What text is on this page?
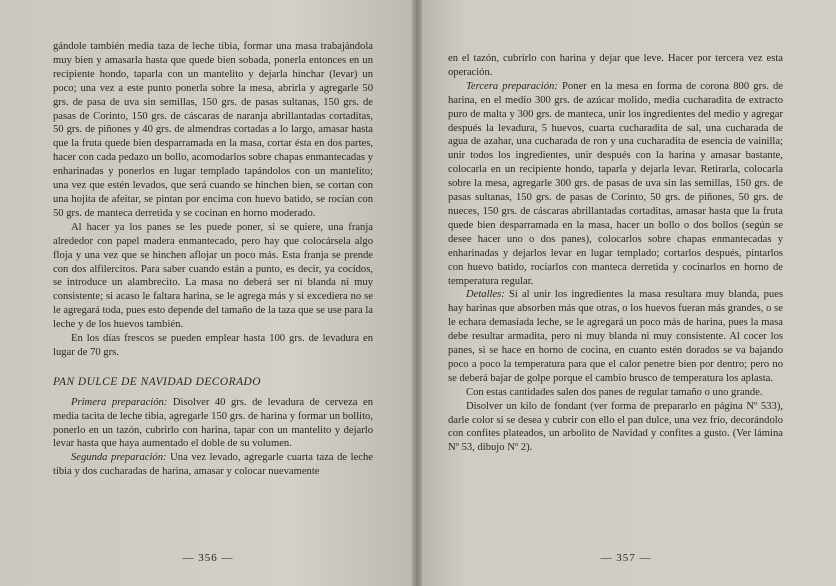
gándole también media taza de leche tibia, formar una masa trabajándola muy bien y amasarla hasta que quede bien sobada, ponerla entonces en un recipiente hondo, taparla con un mantelito y dejarla hinchar (levar) un poco; una vez a este punto ponerla sobre la mesa, abrirla y agregarle 50 grs. de pasa de uva sin semillas, 150 grs. de pasas sultanas, 150 grs. de pasas de Corinto, 150 grs. de cáscaras de naranja abrillantadas cortaditas, 50 grs. de piñones y 40 grs. de almendras cortadas a lo largo, amasar hasta que la fruta quede bien desparramada en la masa, cortar ésta en dos partes, hacer con cada pedazo un bollo, acomodarlos sobre chapas enmantecadas y enharinadas y ponerlos en lugar templado tapándolos con un mantelito; una vez que estén levados, que será cuando se hinchen bien, se cortan con una hojita de afeitar, se pintan por encima con huevo batido, se rocían con 50 grs. de manteca derretida y se cocinan en horno moderado.

Al hacer ya los panes se les puede poner, si se quiere, una franja alrededor con papel madera enmantecado, pero hay que colocársela algo floja y una vez que se hinchen aflojar un poco más. Esta franja se prende con dos alfilercitos. Para saber cuando están a punto, es decir, ya cocidos, se introduce un alambrecito. La masa no deberá ser ni blanda ni muy consistente; si acaso le faltara harina, se le agrega más y si excediera no se le agregará toda, pues esto depende del tamaño de la taza que se use para la leche y de los huevos también.

En los días frescos se pueden emplear hasta 100 grs. de levadura en lugar de 70 grs.

PAN DULCE DE NAVIDAD DECORADO

Primera preparación: Disolver 40 grs. de levadura de cerveza en media tacita de leche tibia, agregarle 150 grs. de harina y formar un bollito, ponerlo en un tazón, cubrirlo con harina, tapar con un mantelito y dejarlo levar hasta que haya aumentado el doble de su volumen.

Segunda preparación: Una vez levado, agregarle cuarta taza de leche tibia y dos cucharadas de harina, amasar y colocar nuevamente

— 356 —

en el tazón, cubrirlo con harina y dejar que leve. Hacer por tercera vez esta operación.

Tercera preparación: Poner en la mesa en forma de corona 800 grs. de harina, en el medio 300 grs. de azúcar molido, media cucharadita de extracto puro de malta y 300 grs. de manteca, unir los ingredientes del medio y agregar después la levadura, 5 huevos, cuarta cucharadita de sal, una cucharada de agua de azahar, una cucharada de ron y una cucharadita de esencia de vainilla; unir todos los ingredientes, unir después con la harina y amasar bastante, colocarla en un recipiente hondo, taparla y dejarla levar. Retirarla, colocarla sobre la mesa, agregarle 300 grs. de pasas de uva sin las semillas, 150 grs. de pasas sultanas, 150 grs. de pasas de Corinto, 50 grs. de piñones, 50 grs. de nueces, 150 grs. de cáscaras abrillantadas cortaditas, amasar hasta que la fruta quede bien desparramada en la masa, hacer un bollo o dos bollos (según se desee hacer uno o dos panes), colocarlos sobre chapas enmantecadas y enharinadas y dejarlos levar en lugar templado; cortarlos después, pintarlos con huevo batido, rociarlos con manteca derretida y cocinarlos en horno de temperatura regular.

Detalles: Si al unir los ingredientes la masa resultara muy blanda, pues hay harinas que absorben más que otras, o los huevos fueran más grandes, o se le echara demasiada leche, se le agregará un poco más de harina, pues la masa debe resultar armadita, pero ni muy blanda ni muy consistente. Al cocer los panes, si se hace en horno de cocina, en cuanto estén dorados se va bajando poco a poco la temperatura para que el calor penetre bien por dentro; pero no se deberá bajar de golpe porque el cambio brusco de temperatura los aplasta.

Con estas cantidades salen dos panes de regular tamaño o uno grande.

Disolver un kilo de fondant (ver forma de prepararlo en página Nº 533), darle color si se desea y cubrir con ello el pan dulce, una vez frío, decorándolo con confites plateados, un arbolito de Navidad y confites a gusto. (Ver lámina Nº 53, dibujo Nº 2).

— 357 —
